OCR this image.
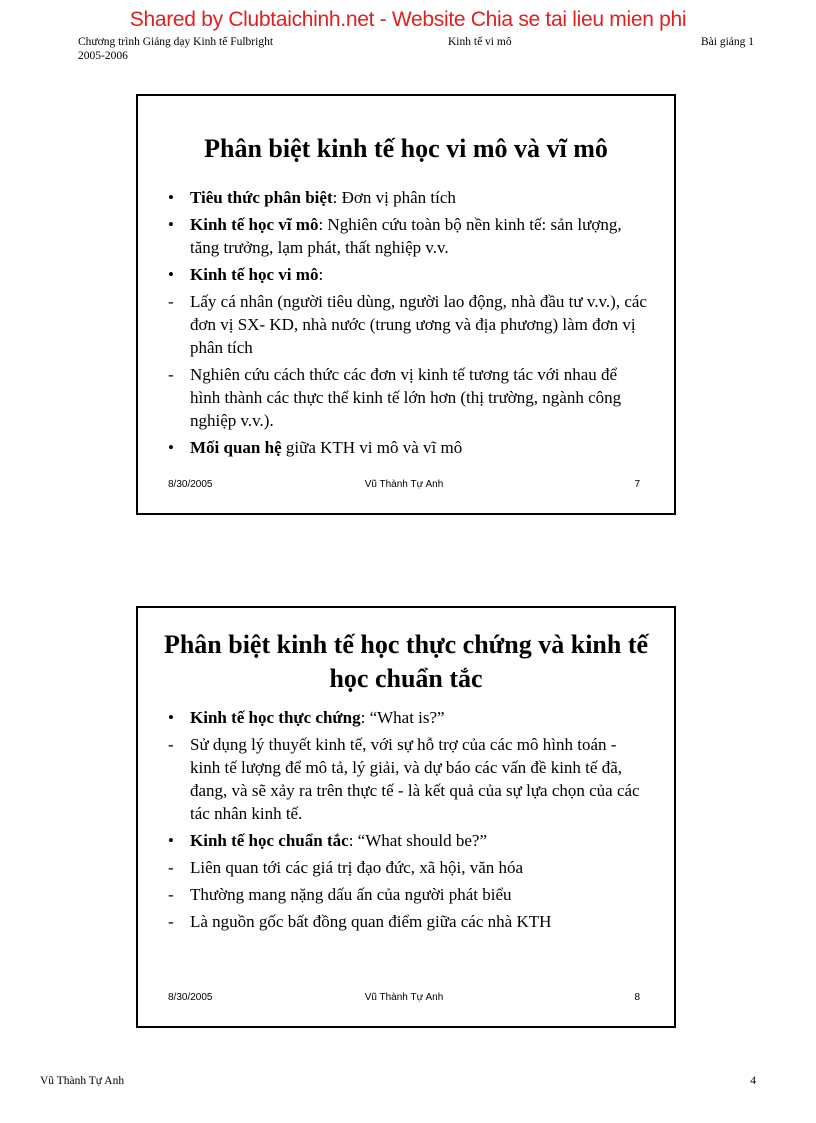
Shared by Clubtaichinh.net - Website Chia se tai lieu mien phi
Chương trình Giảng dạy Kinh tế Fulbright
2005-2006
Kinh tế vi mô	Bài giảng 1
Phân biệt kinh tế học vi mô và vĩ mô
• Tiêu thức phân biệt: Đơn vị phân tích
• Kinh tế học vĩ mô: Nghiên cứu toàn bộ nền kinh tế: sản lượng, tăng trưởng, lạm phát, thất nghiệp v.v.
• Kinh tế học vi mô:
- Lấy cá nhân (người tiêu dùng, người lao động, nhà đầu tư v.v.), các đơn vị SX- KD, nhà nước (trung ương và địa phương) làm đơn vị phân tích
- Nghiên cứu cách thức các đơn vị kinh tế tương tác với nhau để hình thành các thực thể kinh tế lớn hơn (thị trường, ngành công nghiệp v.v.).
• Mối quan hệ giữa KTH vi mô và vĩ mô
8/30/2005	Vũ Thành Tự Anh	7
Phân biệt kinh tế học thực chứng và kinh tế học chuẩn tắc
• Kinh tế học thực chứng: “What is?”
- Sử dụng lý thuyết kinh tế, với sự hỗ trợ của các mô hình toán - kinh tế lượng để mô tả, lý giải, và dự báo các vấn đề kinh tế đã, đang, và sẽ xảy ra trên thực tế - là kết quả của sự lựa chọn của các tác nhân kinh tế.
• Kinh tế học chuẩn tắc: “What should be?”
- Liên quan tới các giá trị đạo đức, xã hội, văn hóa
- Thường mang nặng dấu ấn của người phát biểu
- Là nguồn gốc bất đồng quan điểm giữa các nhà KTH
8/30/2005	Vũ Thành Tự Anh	8
Vũ Thành Tự Anh	4
